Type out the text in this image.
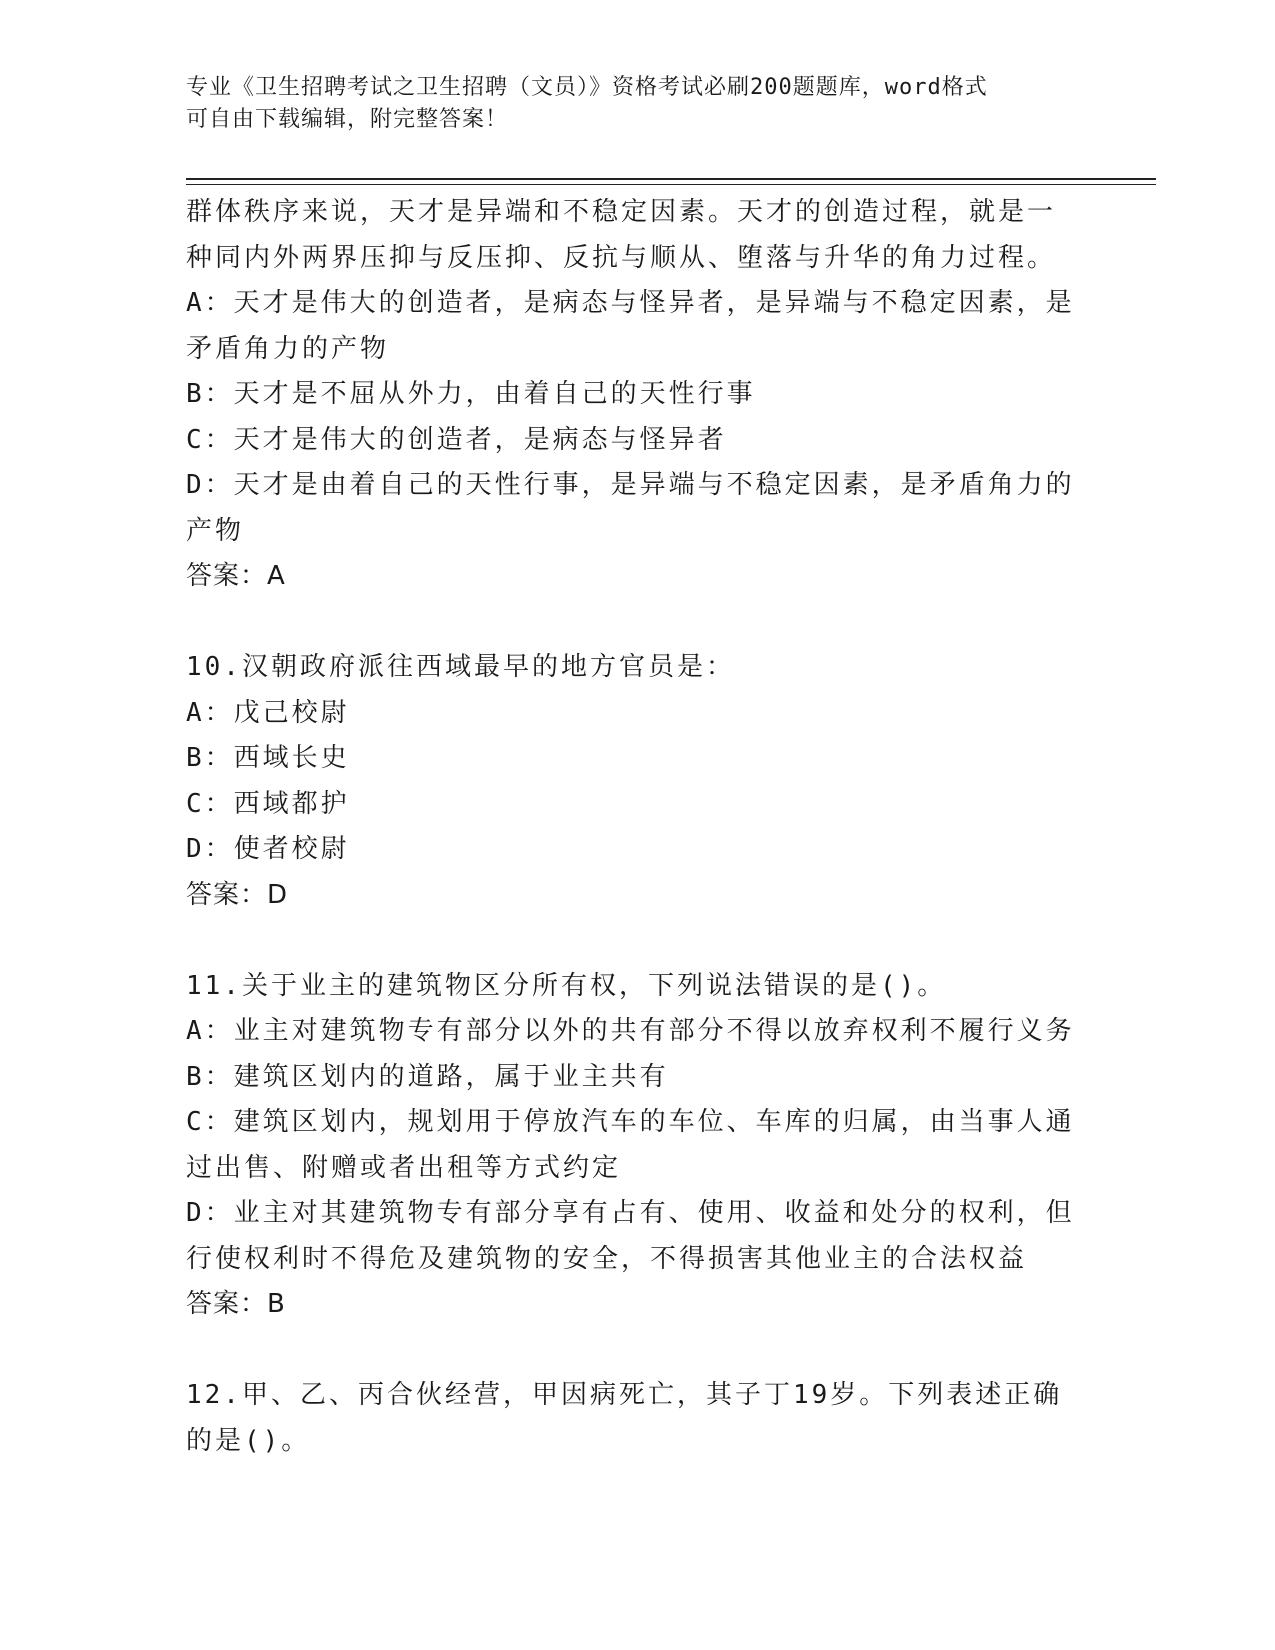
专业《卫生招聘考试之卫生招聘（文员）》资格考试必刷200题题库，word格式
可自由下载编辑，附完整答案！
群体秩序来说，天才是异端和不稳定因素。天才的创造过程，就是一
种同内外两界压抑与反压抑、反抗与顺从、堕落与升华的角力过程。
A：天才是伟大的创造者，是病态与怪异者，是异端与不稳定因素，是矛盾角力的产物
B：天才是不屈从外力，由着自己的天性行事
C：天才是伟大的创造者，是病态与怪异者
D：天才是由着自己的天性行事，是异端与不稳定因素，是矛盾角力的产物
答案：A
10.汉朝政府派往西域最早的地方官员是：
A：戊己校尉
B：西域长史
C：西域都护
D：使者校尉
答案：D
11.关于业主的建筑物区分所有权，下列说法错误的是()。
A：业主对建筑物专有部分以外的共有部分不得以放弃权利不履行义务
B：建筑区划内的道路，属于业主共有
C：建筑区划内，规划用于停放汽车的车位、车库的归属，由当事人通过出售、附赠或者出租等方式约定
D：业主对其建筑物专有部分享有占有、使用、收益和处分的权利，但行使权利时不得危及建筑物的安全，不得损害其他业主的合法权益
答案：B
12.甲、乙、丙合伙经营，甲因病死亡，其子丁19岁。下列表述正确的是()。
